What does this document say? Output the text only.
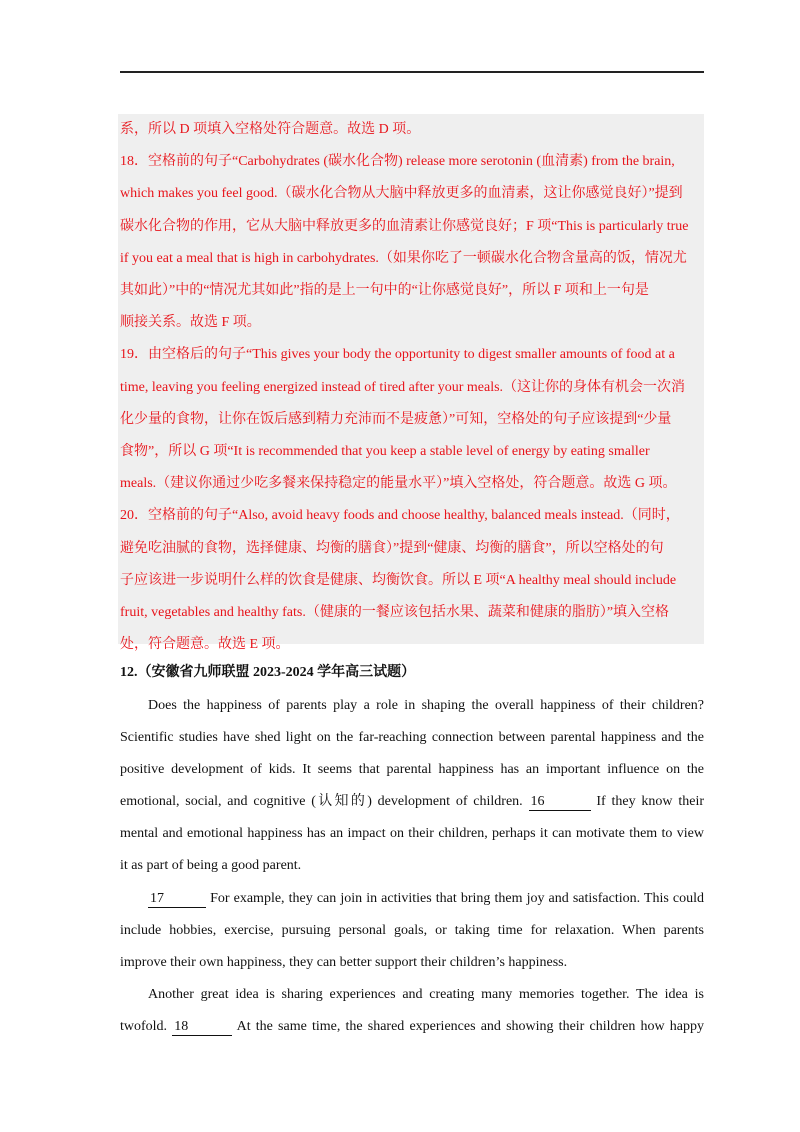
系，所以 D 项填入空格处符合题意。故选 D 项。

18．空格前的句子“Carbohydrates (碳水化合物) release more serotonin (血清素) from the brain,

which makes you feel good.（碳水化合物从大脑中释放更多的血清素，这让你感觉良好）”提到

碳水化合物的作用，它从大脑中释放更多的血清素让你感觉良好；F 项“This is particularly true

if you eat a meal that is high in carbohydrates.（如果你吃了一顿碳水化合物含量高的饭，情况尤

其如此）”中的“情况尤其如此”指的是上一句中的“让你感觉良好”，所以 F 项和上一句是

顺接关系。故选 F 项。

19．由空格后的句子“This gives your body the opportunity to digest smaller amounts of food at a

time, leaving you feeling energized instead of tired after your meals.（这让你的身体有机会一次消

化少量的食物，让你在饭后感到精力充沛而不是疲惫）”可知，空格处的句子应该提到“少量

食物”，所以 G 项“It is recommended that you keep a stable level of energy by eating smaller

meals.（建议你通过少吃多餐来保持稳定的能量水平）”填入空格处，符合题意。故选 G 项。

20．空格前的句子“Also, avoid heavy foods and choose healthy, balanced meals instead.（同时，

避免吃油腻的食物，选择健康、均衡的膳食）”提到“健康、均衡的膳食”，所以空格处的句

子应该进一步说明什么样的饮食是健康、均衡饮食。所以 E 项“A healthy meal should include

fruit, vegetables and healthy fats.（健康的一餐应该包括水果、蔬菜和健康的脂肪）”填入空格

处，符合题意。故选 E 项。

12.（安徽省九师联盟 2023-2024 学年高三试题）

Does the happiness of parents play a role in shaping the overall happiness of their children?
Scientific studies have shed light on the far-reaching connection between parental happiness and the
positive development of kids. It seems that parental happiness has an important influence on the
emotional, social, and cognitive (认知的) development of children. 16	If they know their
mental and emotional happiness has an impact on their children, perhaps it can motivate them to view
it as part of being a good parent.
17	For example, they can join in activities that bring them joy and satisfaction. This could
include hobbies, exercise, pursuing personal goals, or taking time for relaxation. When parents
improve their own happiness, they can better support their children’s happiness.
Another great idea is sharing experiences and creating many memories together. The idea is
twofold. 18	At the same time, the shared experiences and showing their children how happy
